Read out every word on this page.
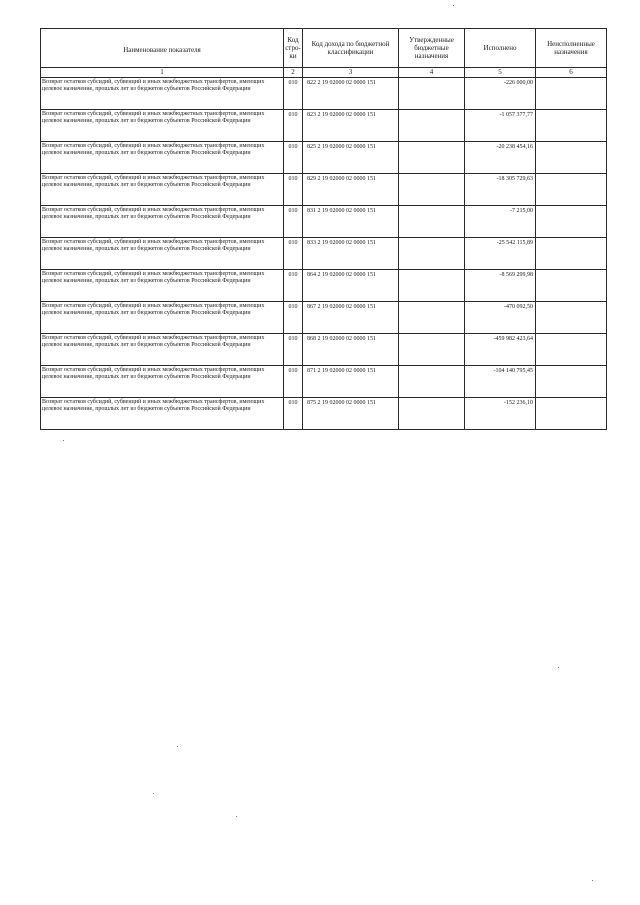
Наименование показателя	Код стро-ки	Код дохода по бюджетной классификации	Утвержденные бюджетные назначения	Исполнено	Неисполненные назначения
1	2	3	4	5	6
Возврат остатков субсидий, субвенций и иных межбюджетных трансфертов, имеющих целевое назначение, прошлых лет из бюджетов субъектов Российской Федерации	010	822 2 19 02000 02 0000 151		-226 000,00	
Возврат остатков субсидий, субвенций и иных межбюджетных трансфертов, имеющих целевое назначение, прошлых лет из бюджетов субъектов Российской Федерации	010	823 2 19 02000 02 0000 151		-1 057 377,77	
Возврат остатков субсидий, субвенций и иных межбюджетных трансфертов, имеющих целевое назначение, прошлых лет из бюджетов субъектов Российской Федерации	010	825 2 19 02000 02 0000 151		-20 238 454,16	
Возврат остатков субсидий, субвенций и иных межбюджетных трансфертов, имеющих целевое назначение, прошлых лет из бюджетов субъектов Российской Федерации	010	829 2 19 02000 02 0000 151		-18 305 729,63	
Возврат остатков субсидий, субвенций и иных межбюджетных трансфертов, имеющих целевое назначение, прошлых лет из бюджетов субъектов Российской Федерации	010	831 2 19 02000 02 0000 151		-7 215,00	
Возврат остатков субсидий, субвенций и иных межбюджетных трансфертов, имеющих целевое назначение, прошлых лет из бюджетов субъектов Российской Федерации	010	833 2 19 02000 02 0000 151		-25 542 115,89	
Возврат остатков субсидий, субвенций и иных межбюджетных трансфертов, имеющих целевое назначение, прошлых лет из бюджетов субъектов Российской Федерации	010	864 2 19 02000 02 0000 151		-8 569 299,98	
Возврат остатков субсидий, субвенций и иных межбюджетных трансфертов, имеющих целевое назначение, прошлых лет из бюджетов субъектов Российской Федерации	010	867 2 19 02000 02 0000 151		-470 092,50	
Возврат остатков субсидий, субвенций и иных межбюджетных трансфертов, имеющих целевое назначение, прошлых лет из бюджетов субъектов Российской Федерации	010	868 2 19 02000 02 0000 151		-459 982 423,64	
Возврат остатков субсидий, субвенций и иных межбюджетных трансфертов, имеющих целевое назначение, прошлых лет из бюджетов субъектов Российской Федерации	010	871 2 19 02000 02 0000 151		-104 140 795,45	
Возврат остатков субсидий, субвенций и иных межбюджетных трансфертов, имеющих целевое назначение, прошлых лет из бюджетов субъектов Российской Федерации	010	875 2 19 02000 02 0000 151		-152 236,10	
